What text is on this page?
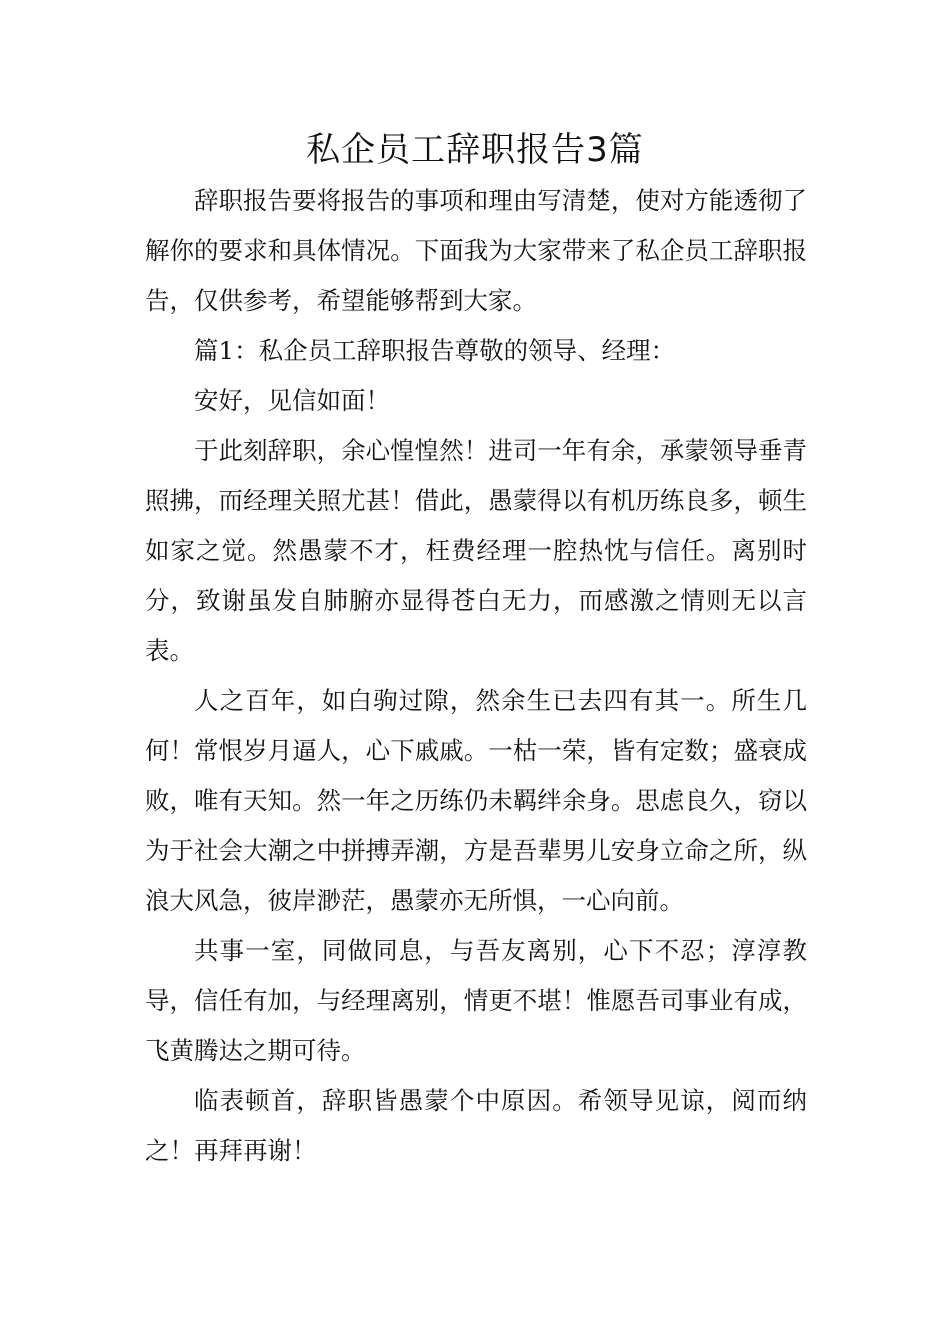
私企员工辞职报告3篇

辞职报告要将报告的事项和理由写清楚，使对方能透彻了解你的要求和具体情况。下面我为大家带来了私企员工辞职报告，仅供参考，希望能够帮到大家。

篇1：私企员工辞职报告尊敬的领导、经理：

安好，见信如面！

于此刻辞职，余心惶惶然！进司一年有余，承蒙领导垂青照拂，而经理关照尤甚！借此，愚蒙得以有机历练良多，顿生如家之觉。然愚蒙不才，枉费经理一腔热忱与信任。离别时分，致谢虽发自肺腑亦显得苍白无力，而感激之情则无以言表。

人之百年，如白驹过隙，然余生已去四有其一。所生几何！常恨岁月逼人，心下戚戚。一枯一荣，皆有定数；盛衰成败，唯有天知。然一年之历练仍未羁绊余身。思虑良久，窃以为于社会大潮之中拼搏弄潮，方是吾辈男儿安身立命之所，纵浪大风急，彼岸渺茫，愚蒙亦无所惧，一心向前。

共事一室，同做同息，与吾友离别，心下不忍；淳淳教导，信任有加，与经理离别，情更不堪！惟愿吾司事业有成，飞黄腾达之期可待。

临表顿首，辞职皆愚蒙个中原因。希领导见谅，阅而纳之！再拜再谢！
